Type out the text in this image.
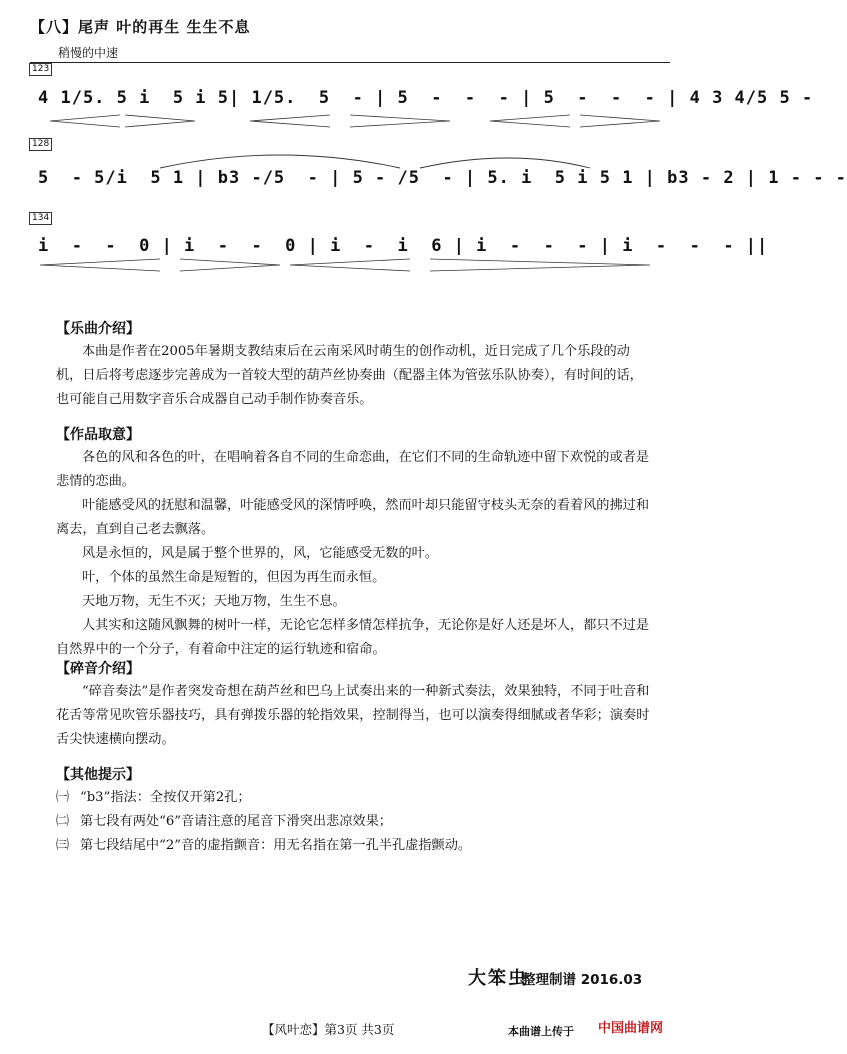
【八】尾声 叶的再生 生生不息
稍慢的中速
123
4 1/5. 5 i  5 i 5| 1/5.  5  - | 5  -  -  - | 5  -  -  - | 4 3 4/5 5 -
128
5  - 5/i  5 1 | b3 -/5  - | 5 - /5  - | 5. i  5 i 5 1 | b3 - 2 | 1 - - -
134
i  -  -  0 | i  -  -  0 | i  -  i  6 | i  -  -  - | i  -  -  - ||
【乐曲介绍】
本曲是作者在2005年暑期支教结束后在云南采风时萌生的创作动机，近日完成了几个乐段的动机，日后将考虑逐步完善成为一首较大型的葫芦丝协奏曲（配器主体为管弦乐队协奏），有时间的话，也可能自己用数字音乐合成器自己动手制作协奏音乐。
【作品取意】
各色的风和各色的叶，在唱响着各自不同的生命恋曲，在它们不同的生命轨迹中留下欢悦的或者是悲情的恋曲。
叶能感受风的抚慰和温馨，叶能感受风的深情呼唤，然而叶却只能留守枝头无奈的看着风的拂过和离去，直到自己老去飘落。
风是永恒的，风是属于整个世界的，风，它能感受无数的叶。
叶，个体的虽然生命是短暂的，但因为再生而永恒。
天地万物，无生不灭；天地万物，生生不息。
人其实和这随风飘舞的树叶一样，无论它怎样多情怎样抗争，无论你是好人还是坏人，都只不过是自然界中的一个分子，有着命中注定的运行轨迹和宿命。
【碎音介绍】
“碎音奏法”是作者突发奇想在葫芦丝和巴乌上试奏出来的一种新式奏法，效果独特，不同于吐音和花舌等常见吹管乐器技巧，具有弹拨乐器的轮指效果，控制得当，也可以演奏得细腻或者华彩；演奏时舌尖快速横向摆动。
【其他提示】
㈠ “b3”指法：全按仅开第2孔；
㈡ 第七段有两处“6”音请注意的尾音下滑突出悲凉效果；
㈢ 第七段结尾中“2”音的虚指颤音：用无名指在第一孔半孔虚指颤动。
大笨虫
整理制谱 2016.03
【风叶恋】第3页 共3页	本曲谱上传于 中国曲谱网
